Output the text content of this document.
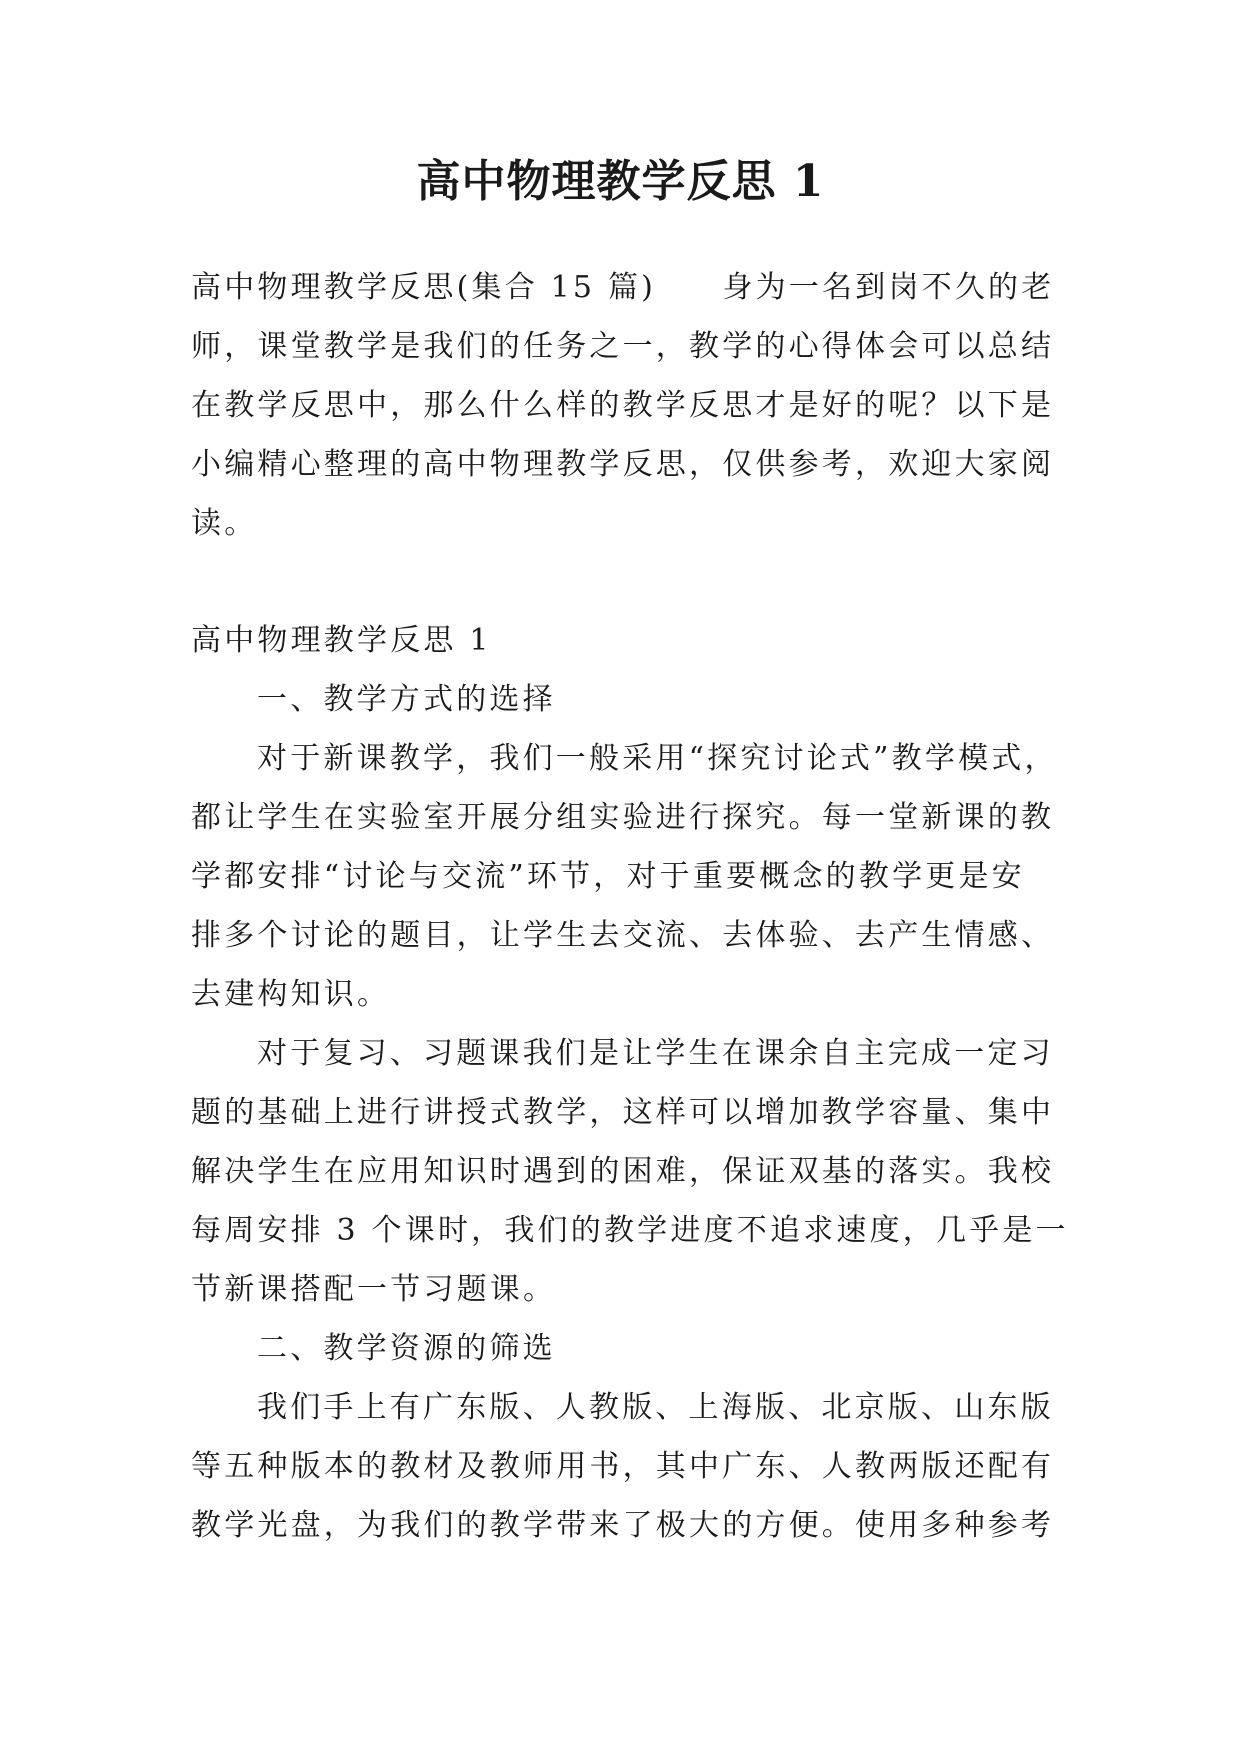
高中物理教学反思 1
高中物理教学反思(集合 15 篇)　　身为一名到岗不久的老
师，课堂教学是我们的任务之一，教学的心得体会可以总结
在教学反思中，那么什么样的教学反思才是好的呢？以下是
小编精心整理的高中物理教学反思，仅供参考，欢迎大家阅
读。
高中物理教学反思 1
一、教学方式的选择
对于新课教学，我们一般采用“探究讨论式”教学模式，
都让学生在实验室开展分组实验进行探究。每一堂新课的教
学都安排“讨论与交流”环节，对于重要概念的教学更是安
排多个讨论的题目，让学生去交流、去体验、去产生情感、
去建构知识。
对于复习、习题课我们是让学生在课余自主完成一定习
题的基础上进行讲授式教学，这样可以增加教学容量、集中
解决学生在应用知识时遇到的困难，保证双基的落实。我校
每周安排 3 个课时，我们的教学进度不追求速度，几乎是一
节新课搭配一节习题课。
二、教学资源的筛选
我们手上有广东版、人教版、上海版、北京版、山东版
等五种版本的教材及教师用书，其中广东、人教两版还配有
教学光盘，为我们的教学带来了极大的方便。使用多种参考
